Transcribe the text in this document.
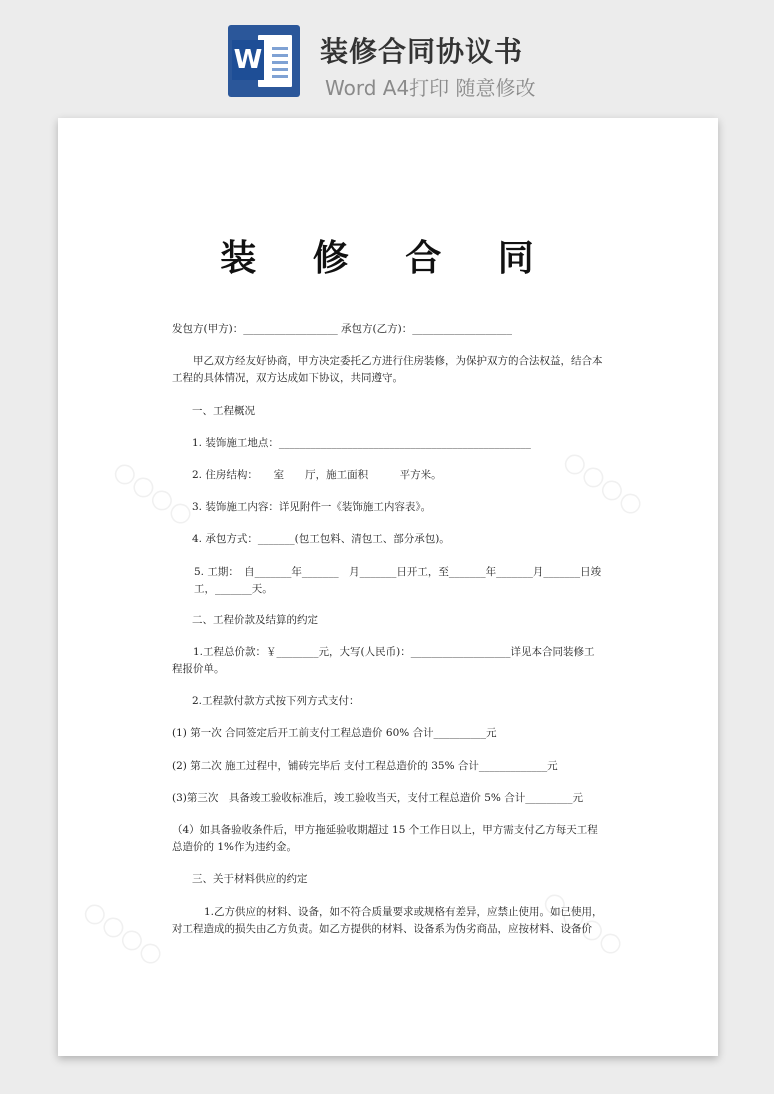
W 装修合同协议书
Word A4打印 随意修改
○○○○	○○○○
○○○○	○○○○
装 修 合 同
发包方(甲方)：__________________ 承包方(乙方)：___________________
甲乙双方经友好协商，甲方决定委托乙方进行住房装修，为保护双方的合法权益，结合本工程的具体情况，双方达成如下协议，共同遵守。
一、工程概况
1. 装饰施工地点：________________________________________________
2. 住房结构：　　室　　厅，施工面积　　　平方米。
3. 装饰施工内容：详见附件一《装饰施工内容表》。
4. 承包方式：_______(包工包料、清包工、部分承包)。
5. 工期：　自_______年_______　月_______日开工，至_______年_______月_______日竣工，_______天。
二、工程价款及结算的约定
1.工程总价款：￥________元，大写(人民币)：___________________详见本合同装修工程报价单。
2.工程款付款方式按下列方式支付：
(1) 第一次 合同签定后开工前支付工程总造价 60% 合计__________元
(2) 第二次 施工过程中，铺砖完毕后 支付工程总造价的 35% 合计_____________元
(3)第三次　具备竣工验收标准后，竣工验收当天，支付工程总造价 5% 合计_________元
（4）如具备验收条件后，甲方拖延验收期超过 15 个工作日以上，甲方需支付乙方每天工程总造价的 1%作为违约金。
三、关于材料供应的约定
1.乙方供应的材料、设备，如不符合质量要求或规格有差异，应禁止使用。如已使用，对工程造成的损失由乙方负责。如乙方提供的材料、设备系为伪劣商品，应按材料、设备价
